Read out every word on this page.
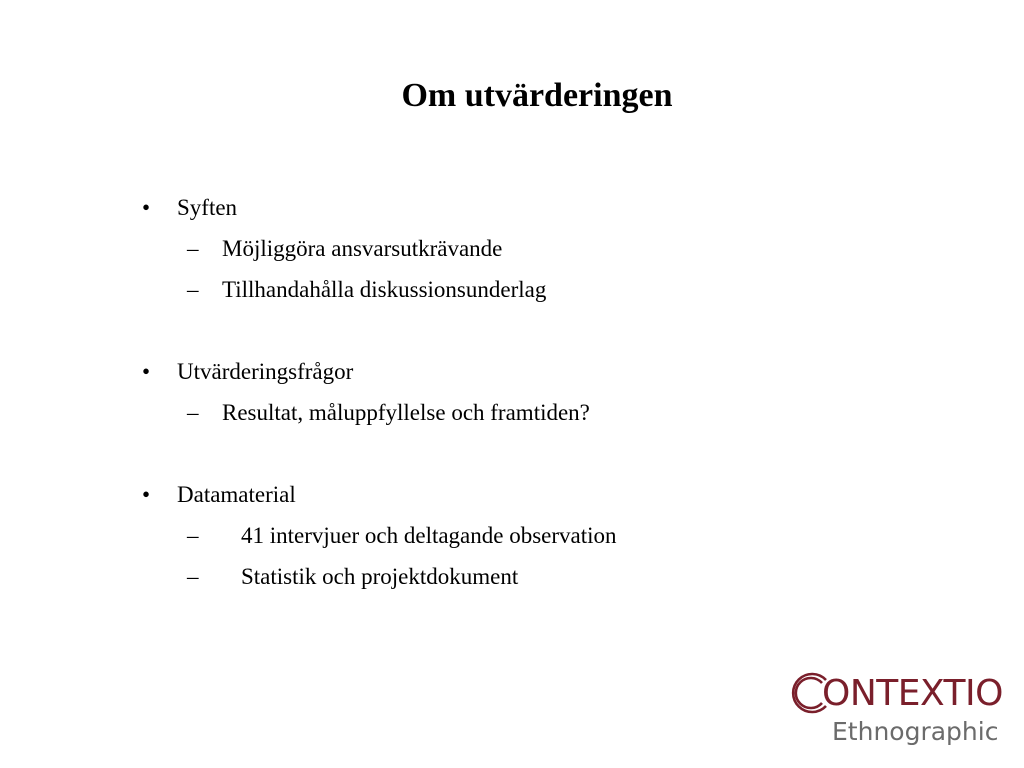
Om utvärderingen
• Syften
– Möjliggöra ansvarsutkrävande
– Tillhandahålla diskussionsunderlag
• Utvärderingsfrågor
– Resultat, måluppfyllelse och framtiden?
• Datamaterial
– 41 intervjuer och deltagande observation
– Statistik och projektdokument
ONTEXTIO
Ethnographic
